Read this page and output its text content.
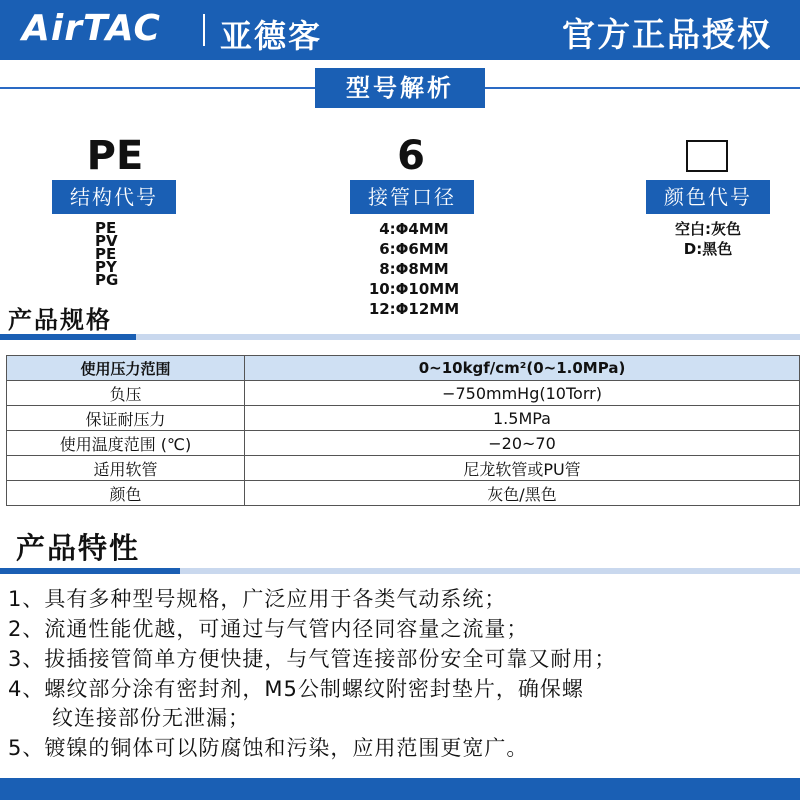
AirTAC 亚德客	官方正品授权
型号解析
PE	6
结构代号	接管口径	颜色代号
PE
PV
PE
PY
PG
4:Φ4MM
6:Φ6MM
8:Φ8MM
10:Φ10MM
12:Φ12MM
空白:灰色
D:黑色
产品规格
使用压力范围	0~10kgf/cm²(0~1.0MPa)
负压	−750mmHg(10Torr)
保证耐压力	1.5MPa
使用温度范围 (℃)	−20~70
适用软管	尼龙软管或PU管
颜色	灰色/黑色
产品特性
1、具有多种型号规格，广泛应用于各类气动系统；
2、流通性能优越，可通过与气管内径同容量之流量；
3、拔插接管简单方便快捷，与气管连接部份安全可靠又耐用；
4、螺纹部分涂有密封剂，M5公制螺纹附密封垫片，确保螺
纹连接部份无泄漏；
5、镀镍的铜体可以防腐蚀和污染，应用范围更宽广。
